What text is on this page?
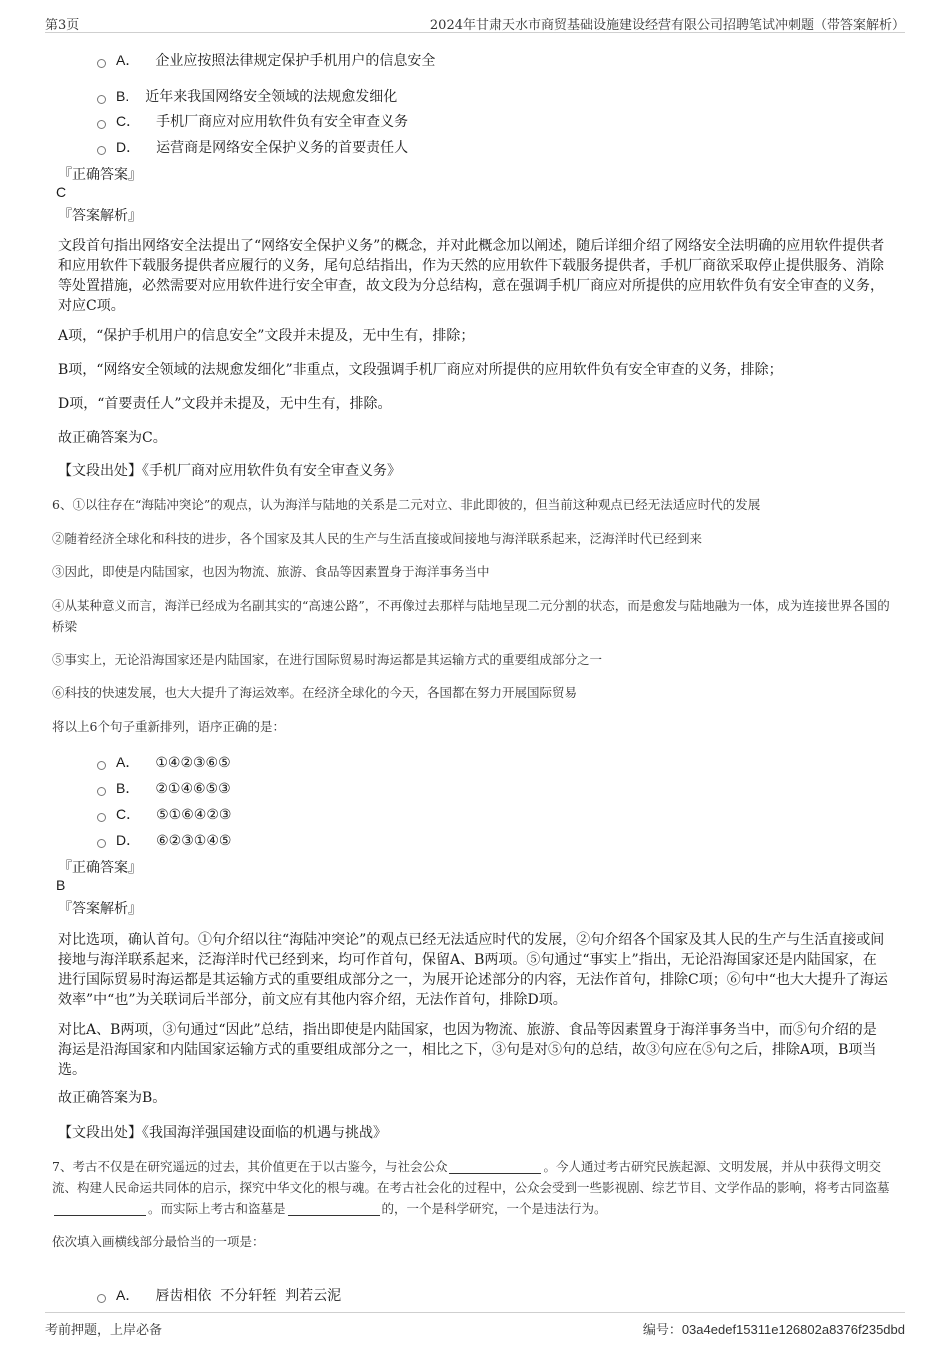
第3页	2024年甘肃天水市商贸基础设施建设经营有限公司招聘笔试冲刺题（带答案解析）
A． 企业应按照法律规定保护手机用户的信息安全
B. 近年来我国网络安全领域的法规愈发细化
C． 手机厂商应对应用软件负有安全审查义务
D． 运营商是网络安全保护义务的首要责任人
『正确答案』
C
『答案解析』
文段首句指出网络安全法提出了“网络安全保护义务”的概念，并对此概念加以阐述，随后详细介绍了网络安全法明确的应用软件提供者和应用软件下载服务提供者应履行的义务，尾句总结指出，作为天然的应用软件下载服务提供者，手机厂商欲采取停止提供服务、消除等处置措施，必然需要对应用软件进行安全审查，故文段为分总结构，意在强调手机厂商应对所提供的应用软件负有安全审查的义务，对应C项。
A项，“保护手机用户的信息安全”文段并未提及，无中生有，排除；
B项，“网络安全领域的法规愈发细化”非重点，文段强调手机厂商应对所提供的应用软件负有安全审查的义务，排除；
D项，“首要责任人”文段并未提及，无中生有，排除。
故正确答案为C。
【文段出处】《手机厂商对应用软件负有安全审查义务》
6、①以往存在“海陆冲突论”的观点，认为海洋与陆地的关系是二元对立、非此即彼的，但当前这种观点已经无法适应时代的发展
②随着经济全球化和科技的进步，各个国家及其人民的生产与生活直接或间接地与海洋联系起来，泛海洋时代已经到来
③因此，即使是内陆国家，也因为物流、旅游、食品等因素置身于海洋事务当中
④从某种意义而言，海洋已经成为名副其实的“高速公路”，不再像过去那样与陆地呈现二元分割的状态，而是愈发与陆地融为一体，成为连接世界各国的桥梁
⑤事实上，无论沿海国家还是内陆国家，在进行国际贸易时海运都是其运输方式的重要组成部分之一
⑥科技的快速发展，也大大提升了海运效率。在经济全球化的今天，各国都在努力开展国际贸易
将以上6个句子重新排列，语序正确的是：
A． ①④②③⑥⑤
B． ②①④⑥⑤③
C． ⑤①⑥④②③
D． ⑥②③①④⑤
『正确答案』
B
『答案解析』
对比选项，确认首句。①句介绍以往“海陆冲突论”的观点已经无法适应时代的发展，②句介绍各个国家及其人民的生产与生活直接或间接地与海洋联系起来，泛海洋时代已经到来，均可作首句，保留A、B两项。⑤句通过“事实上”指出，无论沿海国家还是内陆国家，在进行国际贸易时海运都是其运输方式的重要组成部分之一，为展开论述部分的内容，无法作首句，排除C项；⑥句中“也大大提升了海运效率”中“也”为关联词后半部分，前文应有其他内容介绍，无法作首句，排除D项。
对比A、B两项，③句通过“因此”总结，指出即使是内陆国家，也因为物流、旅游、食品等因素置身于海洋事务当中，而⑤句介绍的是海运是沿海国家和内陆国家运输方式的重要组成部分之一，相比之下，③句是对⑤句的总结，故③句应在⑤句之后，排除A项，B项当选。
故正确答案为B。
【文段出处】《我国海洋强国建设面临的机遇与挑战》
7、考古不仅是在研究遥远的过去，其价值更在于以古鉴今，与社会公众	。今人通过考古研究民族起源、文明发展，并从中获得文明交流、构建人民命运共同体的启示，探究中华文化的根与魂。在考古社会化的过程中，公众会受到一些影视剧、综艺节目、文学作品的影响，将考古同盗墓。而实际上考古和盗墓是	的，一个是科学研究，一个是违法行为。
依次填入画横线部分最恰当的一项是：
A． 唇齿相依  不分轩轾  判若云泥
考前押题，上岸必备	编号：03a4edef15311e126802a8376f235dbd
